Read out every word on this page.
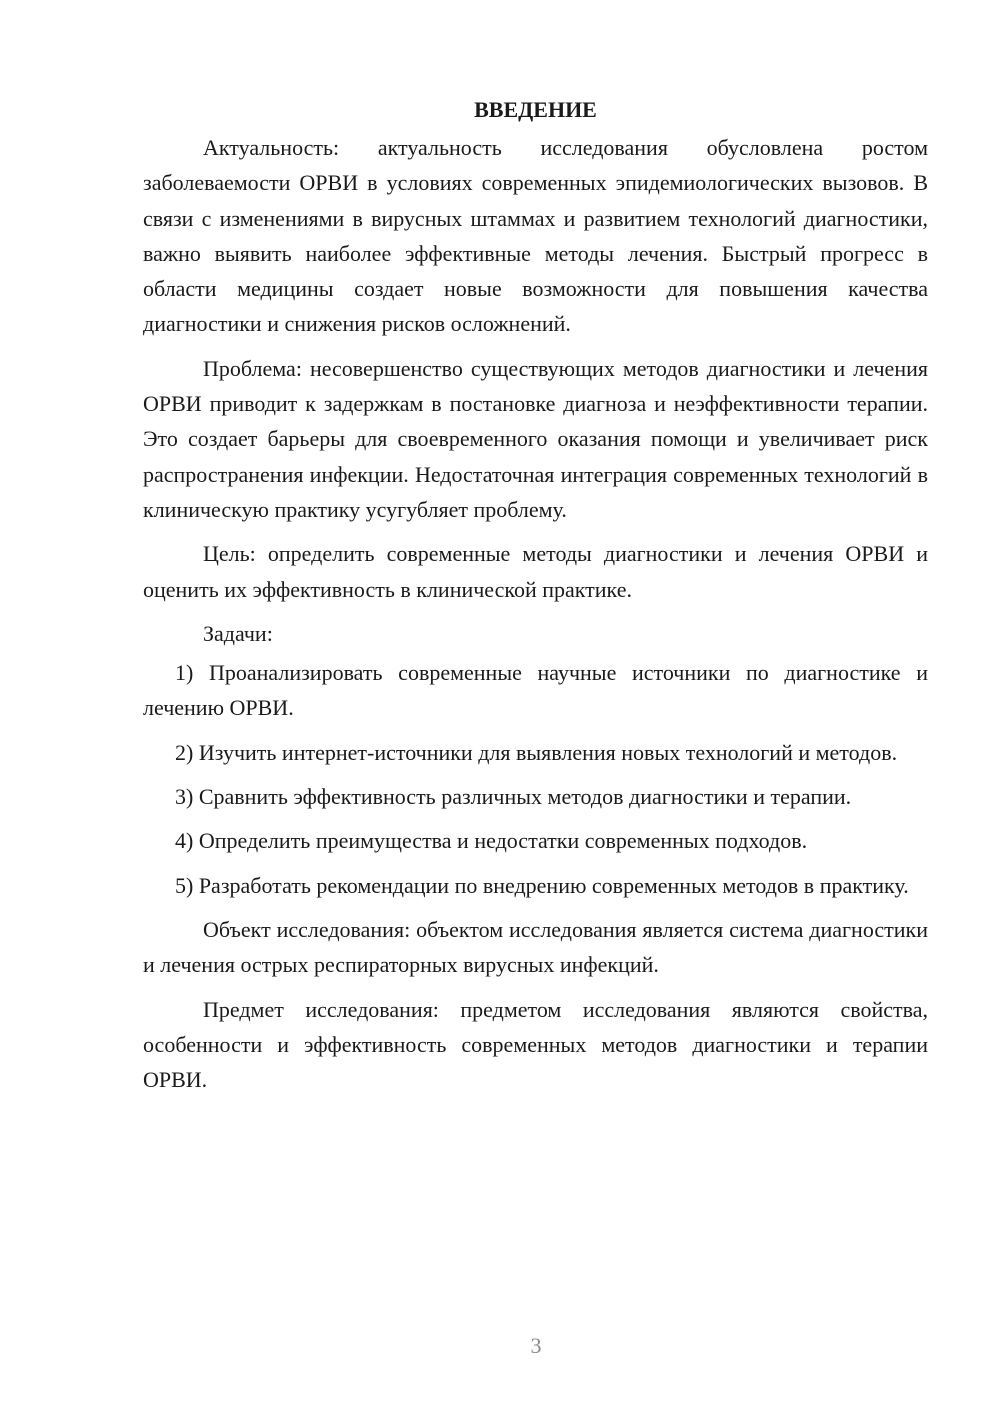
ВВЕДЕНИЕ

Актуальность: актуальность исследования обусловлена ростом заболеваемости ОРВИ в условиях современных эпидемиологических вызовов. В связи с изменениями в вирусных штаммах и развитием технологий диагностики, важно выявить наиболее эффективные методы лечения. Быстрый прогресс в области медицины создает новые возможности для повышения качества диагностики и снижения рисков осложнений.

Проблема: несовершенство существующих методов диагностики и лечения ОРВИ приводит к задержкам в постановке диагноза и неэффективности терапии. Это создает барьеры для своевременного оказания помощи и увеличивает риск распространения инфекции. Недостаточная интеграция современных технологий в клиническую практику усугубляет проблему.

Цель: определить современные методы диагностики и лечения ОРВИ и оценить их эффективность в клинической практике.

Задачи:

1) Проанализировать современные научные источники по диагностике и лечению ОРВИ.

2) Изучить интернет-источники для выявления новых технологий и методов.

3) Сравнить эффективность различных методов диагностики и терапии.

4) Определить преимущества и недостатки современных подходов.

5) Разработать рекомендации по внедрению современных методов в практику.

Объект исследования: объектом исследования является система диагностики и лечения острых респираторных вирусных инфекций.

Предмет исследования: предметом исследования являются свойства, особенности и эффективность современных методов диагностики и терапии ОРВИ.

3
